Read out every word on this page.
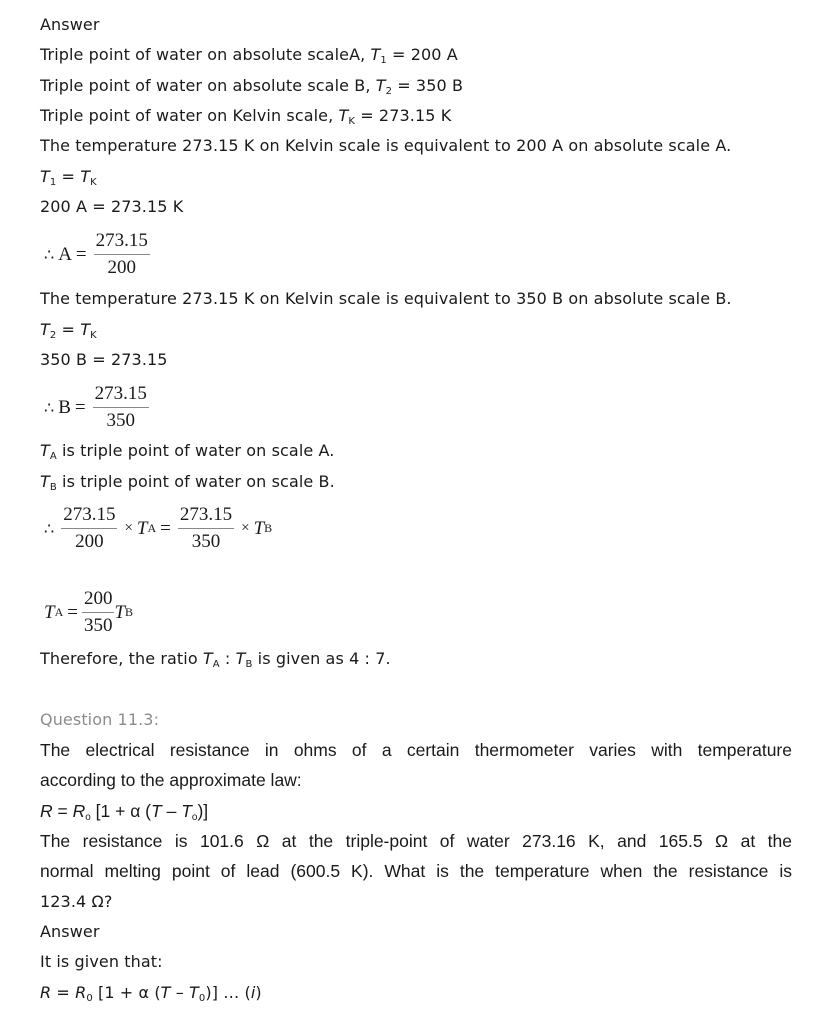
Answer
Triple point of water on absolute scaleA, $T_1 = 200$ A
Triple point of water on absolute scale B, $T_2 = 350$ B
Triple point of water on Kelvin scale, $T_K = 273.15$ K
The temperature 273.15 K on Kelvin scale is equivalent to 200 A on absolute scale A.
$T_1 = T_K$
200 A = 273.15 K
∴ $A = \frac{273.15}{200}$
The temperature 273.15 K on Kelvin scale is equivalent to 350 B on absolute scale B.
$T_2 = T_K$
350 B = 273.15
∴ $B = \frac{273.15}{350}$
$T_A$ is triple point of water on scale A.
$T_B$ is triple point of water on scale B.
∴ $\frac{273.15}{200} \times T$ $A = \frac{273.15}{350} \times T$ B
T $A = \frac{200}{350}$ T B
Therefore, the ratio $T_A$ : $T_B$ is given as 4 : 7.
Question 11.3:
The electrical resistance in ohms of a certain thermometer varies with temperature
according to the approximate law:
$R = R_o$ [1 + α $(T - T_o)$]
The resistance is 101.6 Ω at the triple-point of water 273.16 K, and 165.5 Ω at the
normal melting point of lead (600.5 K). What is the temperature when the resistance is
123.4 Ω?
Answer
It is given that:
$R = R_0$ [1 + α $(T - T_0)$] … (i)
